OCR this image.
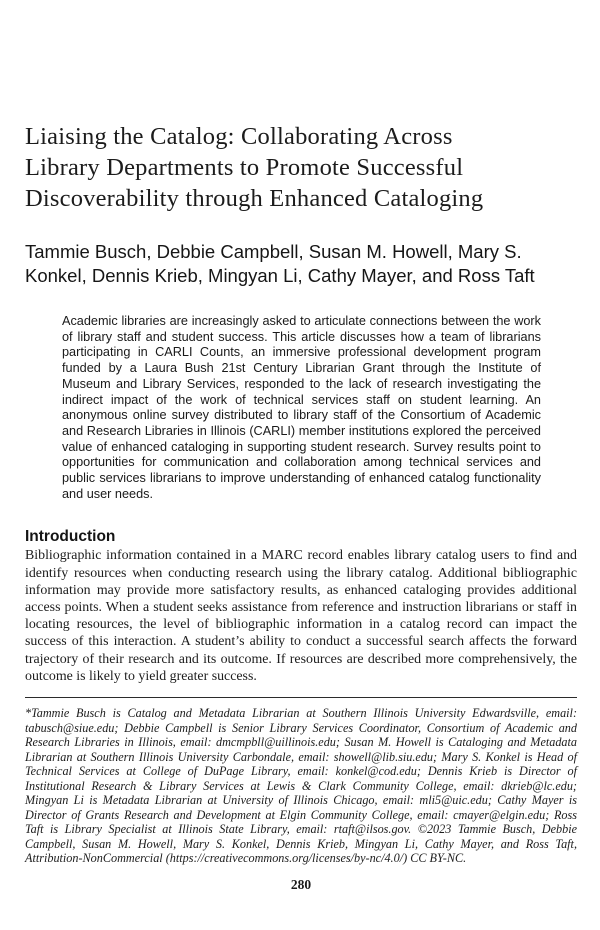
Liaising the Catalog: Collaborating Across
Library Departments to Promote Successful
Discoverability through Enhanced Cataloging

Tammie Busch, Debbie Campbell, Susan M. Howell, Mary S.
Konkel, Dennis Krieb, Mingyan Li, Cathy Mayer, and Ross Taft

Academic libraries are increasingly asked to articulate connections between the work of library staff and student success. This article discusses how a team of librarians participating in CARLI Counts, an immersive professional development program funded by a Laura Bush 21st Century Librarian Grant through the Institute of Museum and Library Services, responded to the lack of research investigating the indirect impact of the work of technical services staff on student learning. An anonymous online survey distributed to library staff of the Consortium of Academic and Research Libraries in Illinois (CARLI) member institutions explored the perceived value of enhanced cataloging in supporting student research. Survey results point to opportunities for communication and collaboration among technical services and public services librarians to improve understanding of enhanced catalog functionality and user needs.

Introduction

Bibliographic information contained in a MARC record enables library catalog users to find and identify resources when conducting research using the library catalog. Additional bibliographic information may provide more satisfactory results, as enhanced cataloging provides additional access points. When a student seeks assistance from reference and instruction librarians or staff in locating resources, the level of bibliographic information in a catalog record can impact the success of this interaction. A student’s ability to conduct a successful search affects the forward trajectory of their research and its outcome. If resources are described more comprehensively, the outcome is likely to yield greater success.

*Tammie Busch is Catalog and Metadata Librarian at Southern Illinois University Edwardsville, email: tabusch@siue.edu; Debbie Campbell is Senior Library Services Coordinator, Consortium of Academic and Research Libraries in Illinois, email: dmcmpbll@uillinois.edu; Susan M. Howell is Cataloging and Metadata Librarian at Southern Illinois University Carbondale, email: showell@lib.siu.edu; Mary S. Konkel is Head of Technical Services at College of DuPage Library, email: konkel@cod.edu; Dennis Krieb is Director of Institutional Research & Library Services at Lewis & Clark Community College, email: dkrieb@lc.edu; Mingyan Li is Metadata Librarian at University of Illinois Chicago, email: mli5@uic.edu; Cathy Mayer is Director of Grants Research and Development at Elgin Community College, email: cmayer@elgin.edu; Ross Taft is Library Specialist at Illinois State Library, email: rtaft@ilsos.gov. ©2023 Tammie Busch, Debbie Campbell, Susan M. Howell, Mary S. Konkel, Dennis Krieb, Mingyan Li, Cathy Mayer, and Ross Taft, Attribution-NonCommercial (https://creativecommons.org/licenses/by-nc/4.0/) CC BY-NC.

280
